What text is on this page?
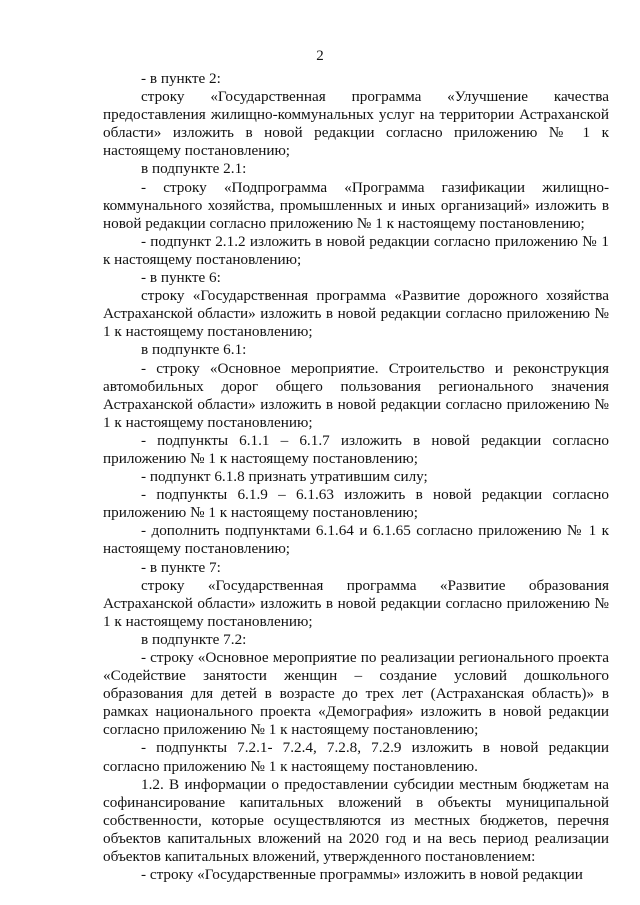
2

- в пункте 2:

строку «Государственная программа «Улучшение качества предоставления жилищно-коммунальных услуг на территории Астраханской области» изложить в новой редакции согласно приложению № 1 к настоящему постановлению;

в подпункте 2.1:

- строку «Подпрограмма «Программа газификации жилищно-коммунального хозяйства, промышленных и иных организаций» изложить в новой редакции согласно приложению № 1 к настоящему постановлению;

- подпункт 2.1.2 изложить в новой редакции согласно приложению № 1 к настоящему постановлению;

- в пункте 6:

строку «Государственная программа «Развитие дорожного хозяйства Астраханской области» изложить в новой редакции согласно приложению № 1 к настоящему постановлению;

в подпункте 6.1:

- строку «Основное мероприятие. Строительство и реконструкция автомобильных дорог общего пользования регионального значения Астраханской области» изложить в новой редакции согласно приложению № 1 к настоящему постановлению;

- подпункты 6.1.1 – 6.1.7 изложить в новой редакции согласно приложению № 1 к настоящему постановлению;

- подпункт 6.1.8 признать утратившим силу;

- подпункты 6.1.9 – 6.1.63 изложить в новой редакции согласно приложению № 1 к настоящему постановлению;

- дополнить подпунктами 6.1.64 и 6.1.65 согласно приложению № 1 к настоящему постановлению;

- в пункте 7:

строку «Государственная программа «Развитие образования Астраханской области» изложить в новой редакции согласно приложению № 1 к настоящему постановлению;

в подпункте 7.2:

- строку «Основное мероприятие по реализации регионального проекта «Содействие занятости женщин – создание условий дошкольного образования для детей в возрасте до трех лет (Астраханская область)» в рамках национального проекта «Демография» изложить в новой редакции согласно приложению № 1 к настоящему постановлению;

- подпункты 7.2.1- 7.2.4, 7.2.8, 7.2.9 изложить в новой редакции согласно приложению № 1 к настоящему постановлению.

1.2. В информации о предоставлении субсидии местным бюджетам на софинансирование капитальных вложений в объекты муниципальной собственности, которые осуществляются из местных бюджетов, перечня объектов капитальных вложений на 2020 год и на весь период реализации объектов капитальных вложений, утвержденного постановлением:

- строку «Государственные программы» изложить в новой редакции
